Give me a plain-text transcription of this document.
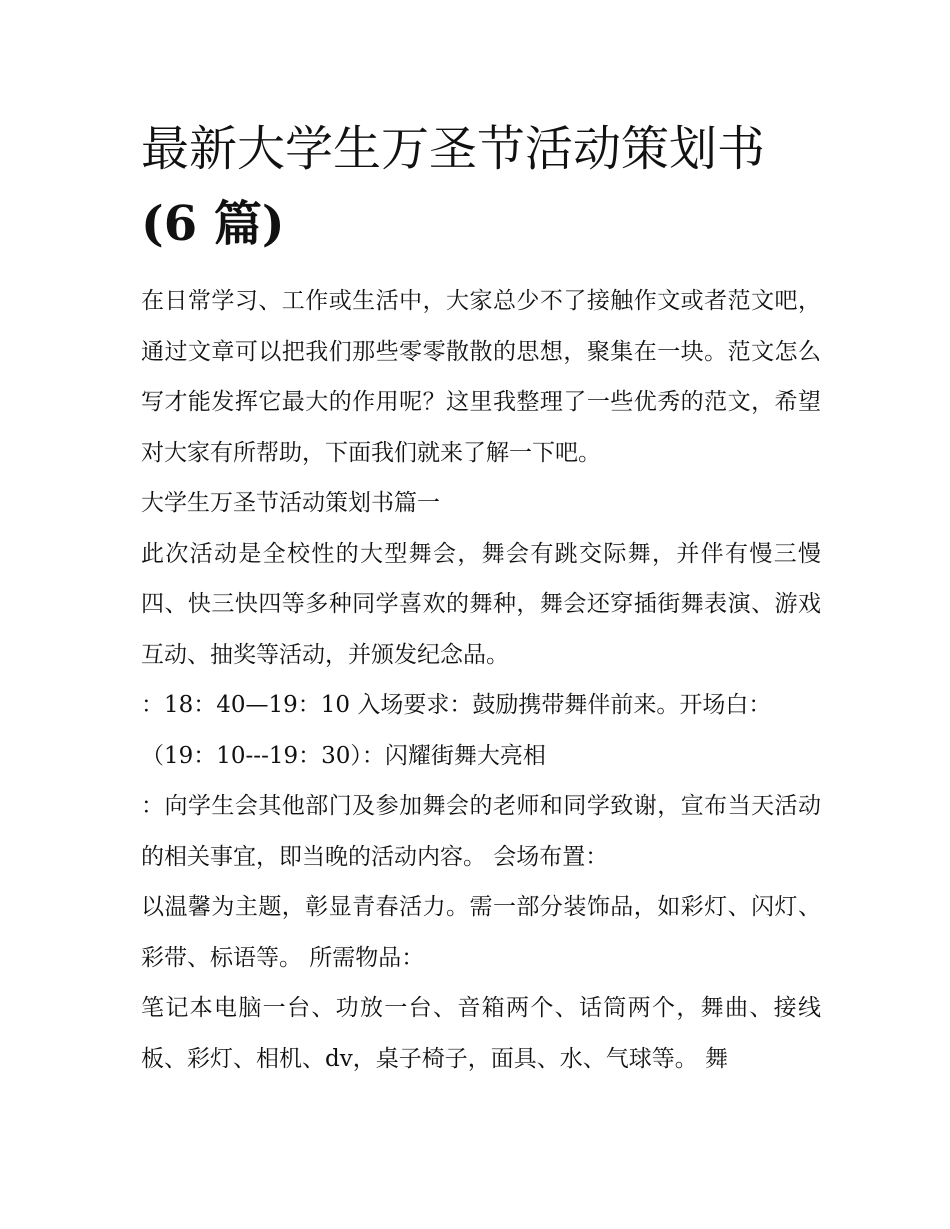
最新大学生万圣节活动策划书
(6 篇)

在日常学习、工作或生活中，大家总少不了接触作文或者范文吧，通过文章可以把我们那些零零散散的思想，聚集在一块。范文怎么写才能发挥它最大的作用呢？这里我整理了一些优秀的范文，希望对大家有所帮助，下面我们就来了解一下吧。

大学生万圣节活动策划书篇一

此次活动是全校性的大型舞会，舞会有跳交际舞，并伴有慢三慢四、快三快四等多种同学喜欢的舞种，舞会还穿插街舞表演、游戏互动、抽奖等活动，并颁发纪念品。

：18：40—19：10 入场要求：鼓励携带舞伴前来。开场白：

（19：10---19：30）：闪耀街舞大亮相

：向学生会其他部门及参加舞会的老师和同学致谢，宣布当天活动的相关事宜，即当晚的活动内容。 会场布置：

以温馨为主题，彰显青春活力。需一部分装饰品，如彩灯、闪灯、彩带、标语等。 所需物品：

笔记本电脑一台、功放一台、音箱两个、话筒两个，舞曲、接线板、彩灯、相机、dv，桌子椅子，面具、水、气球等。 舞
